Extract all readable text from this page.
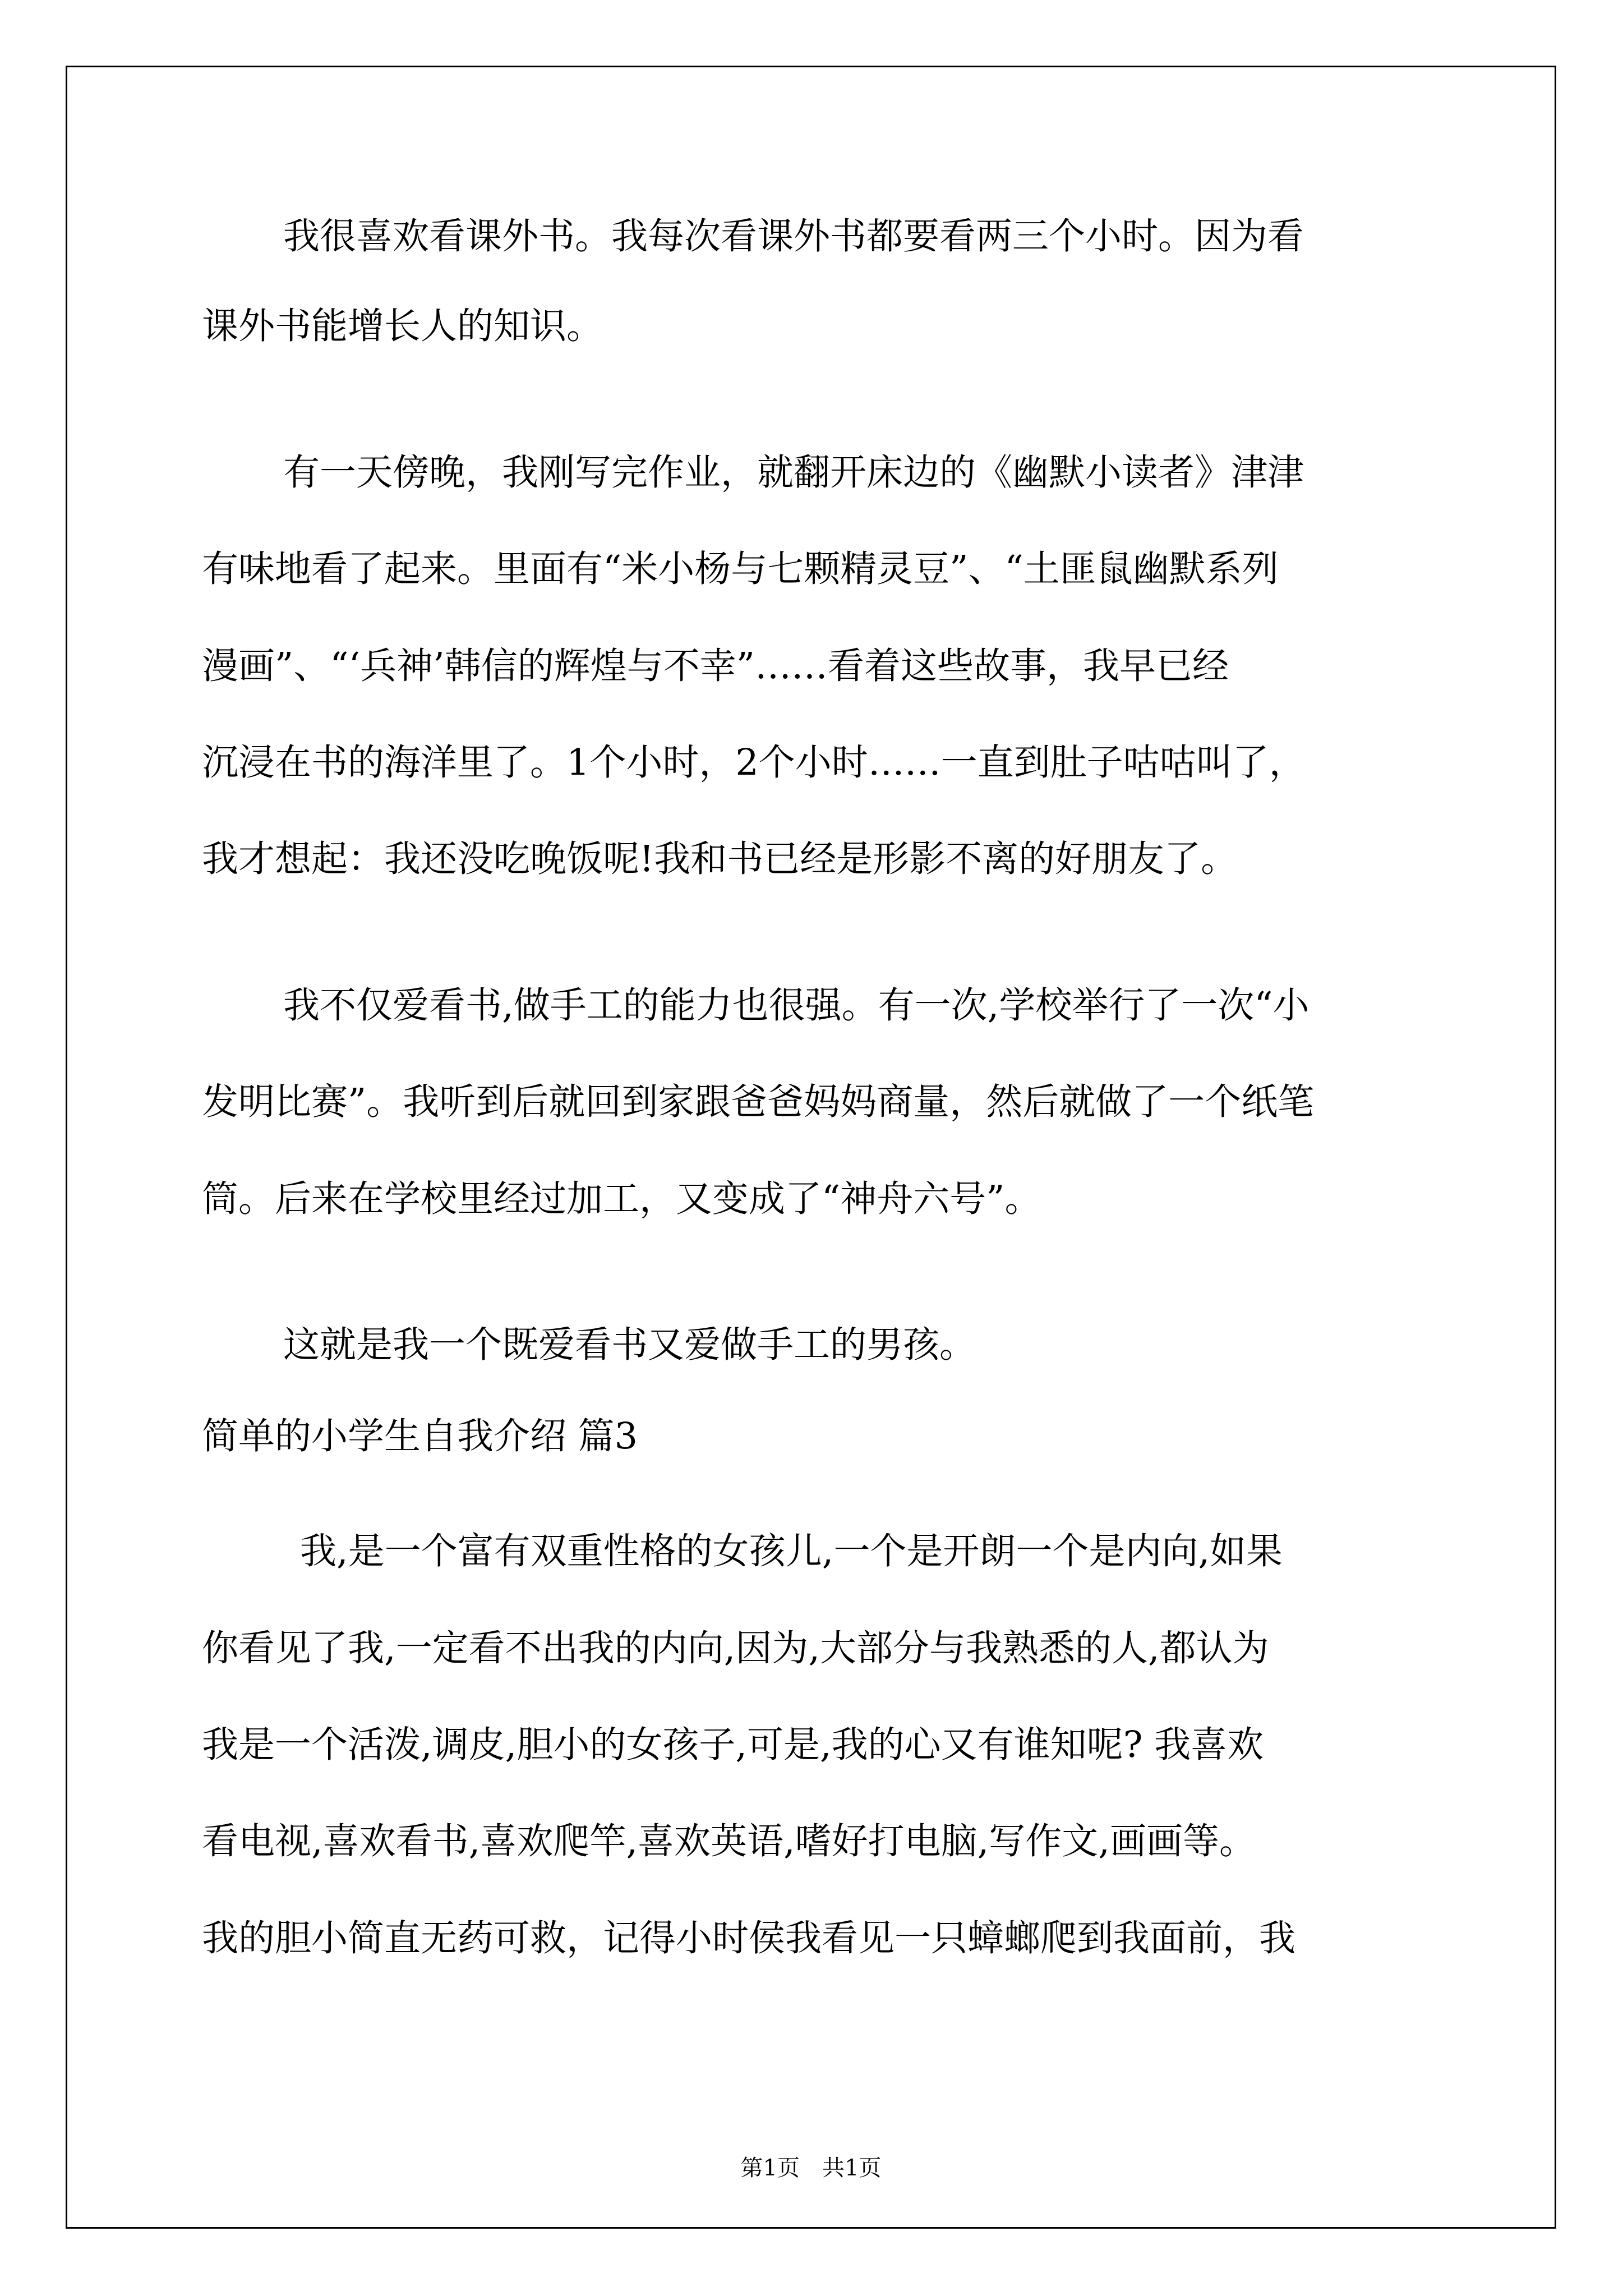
我很喜欢看课外书。我每次看课外书都要看两三个小时。因为看
课外书能增长人的知识。
有一天傍晚，我刚写完作业，就翻开床边的《幽默小读者》津津
有味地看了起来。里面有“米小杨与七颗精灵豆”、“土匪鼠幽默系列
漫画”、“‘兵神’韩信的辉煌与不幸”……看着这些故事，我早已经
沉浸在书的海洋里了。1个小时，2个小时……一直到肚子咕咕叫了，
我才想起：我还没吃晚饭呢!我和书已经是形影不离的好朋友了。
我不仅爱看书,做手工的能力也很强。有一次,学校举行了一次“小
发明比赛”。我听到后就回到家跟爸爸妈妈商量，然后就做了一个纸笔
筒。后来在学校里经过加工，又变成了“神舟六号”。
这就是我一个既爱看书又爱做手工的男孩。
简单的小学生自我介绍 篇3
我,是一个富有双重性格的女孩儿,一个是开朗一个是内向,如果
你看见了我,一定看不出我的内向,因为,大部分与我熟悉的人,都认为
我是一个活泼,调皮,胆小的女孩子,可是,我的心又有谁知呢? 我喜欢
看电视,喜欢看书,喜欢爬竿,喜欢英语,嗜好打电脑,写作文,画画等。
我的胆小简直无药可救，记得小时侯我看见一只蟑螂爬到我面前，我
第1页　共1页
